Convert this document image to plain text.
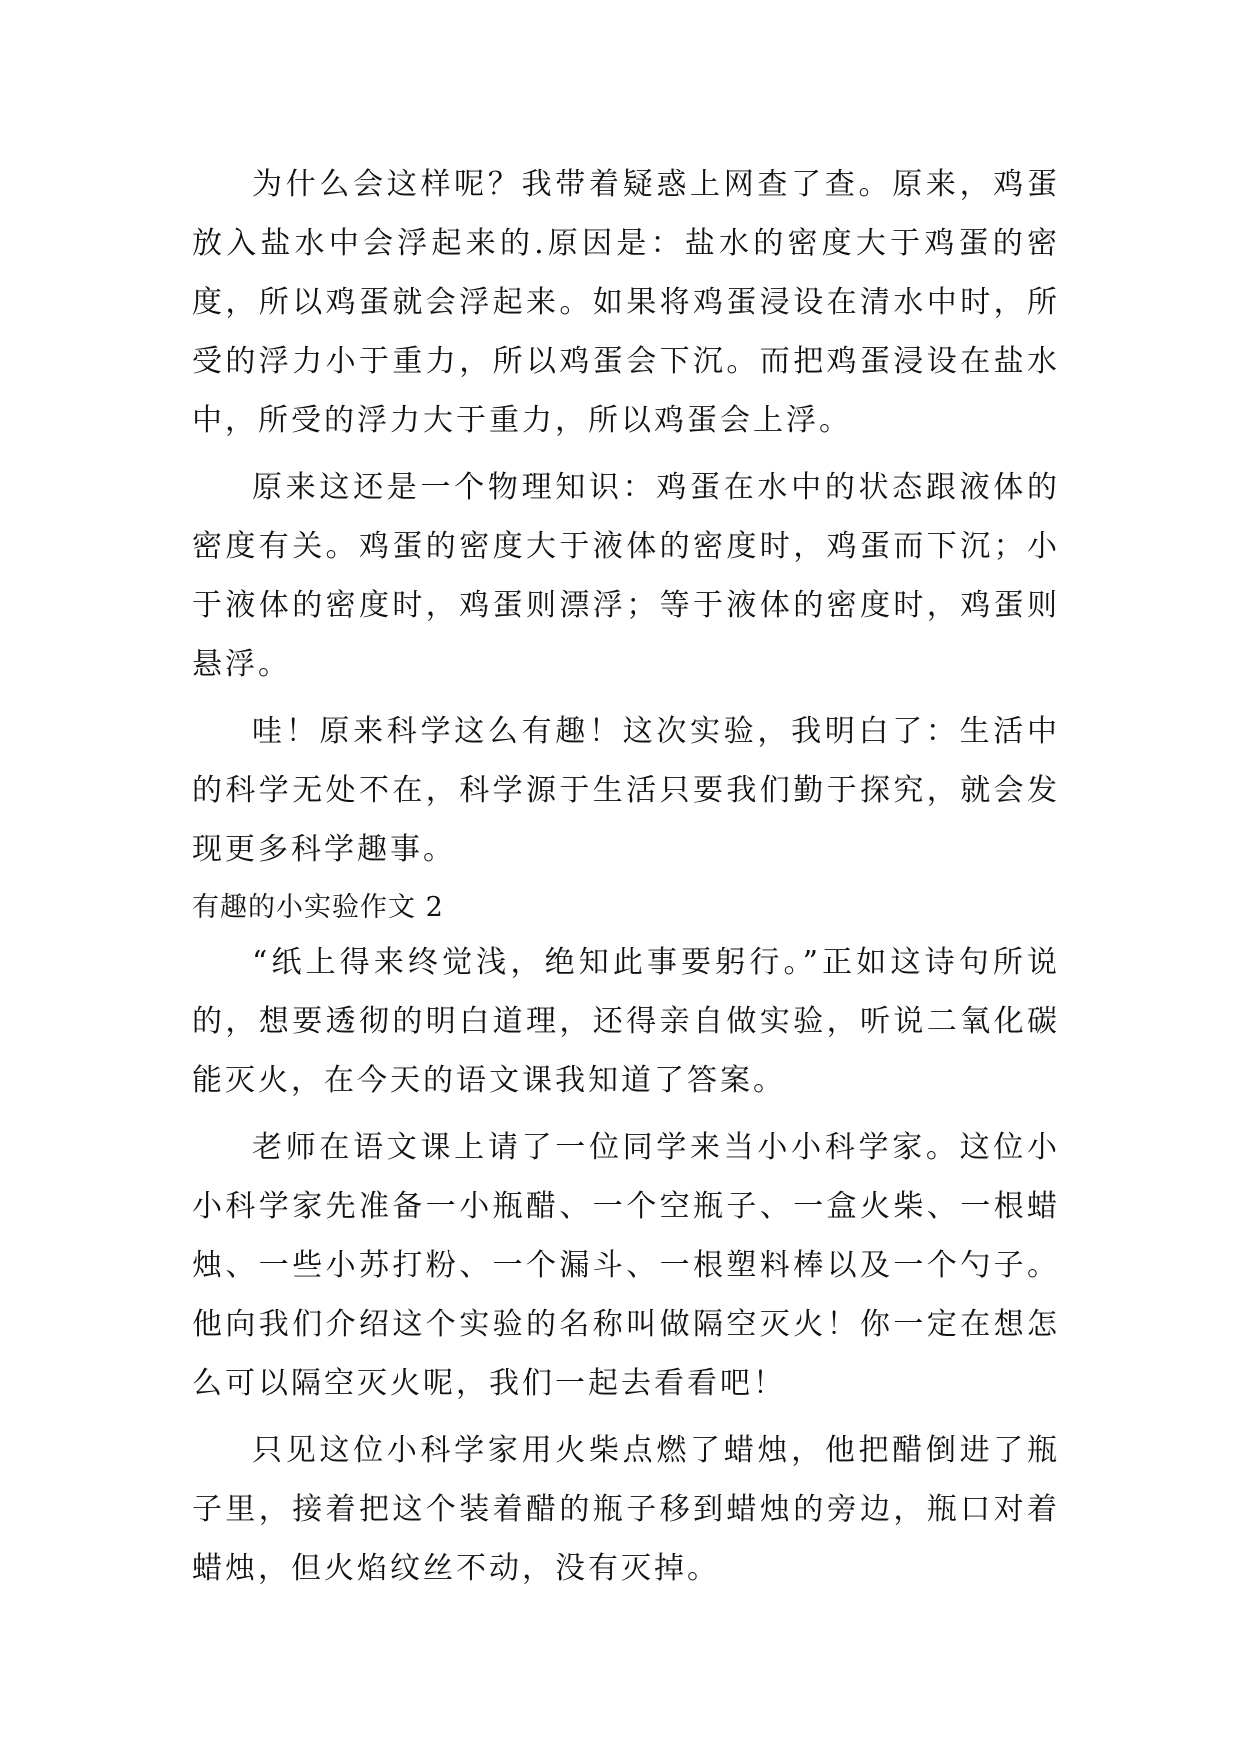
为什么会这样呢？我带着疑惑上网查了查。原来，鸡蛋放入盐水中会浮起来的.原因是：盐水的密度大于鸡蛋的密度，所以鸡蛋就会浮起来。如果将鸡蛋浸设在清水中时，所受的浮力小于重力，所以鸡蛋会下沉。而把鸡蛋浸设在盐水中，所受的浮力大于重力，所以鸡蛋会上浮。

原来这还是一个物理知识：鸡蛋在水中的状态跟液体的密度有关。鸡蛋的密度大于液体的密度时，鸡蛋而下沉；小于液体的密度时，鸡蛋则漂浮；等于液体的密度时，鸡蛋则悬浮。

哇！原来科学这么有趣！这次实验，我明白了：生活中的科学无处不在，科学源于生活只要我们勤于探究，就会发现更多科学趣事。

有趣的小实验作文 2

“纸上得来终觉浅，绝知此事要躬行。”正如这诗句所说的，想要透彻的明白道理，还得亲自做实验，听说二氧化碳能灭火，在今天的语文课我知道了答案。

老师在语文课上请了一位同学来当小小科学家。这位小小科学家先准备一小瓶醋、一个空瓶子、一盒火柴、一根蜡烛、一些小苏打粉、一个漏斗、一根塑料棒以及一个勺子。他向我们介绍这个实验的名称叫做隔空灭火！你一定在想怎么可以隔空灭火呢，我们一起去看看吧！

只见这位小科学家用火柴点燃了蜡烛，他把醋倒进了瓶子里，接着把这个装着醋的瓶子移到蜡烛的旁边，瓶口对着蜡烛，但火焰纹丝不动，没有灭掉。
